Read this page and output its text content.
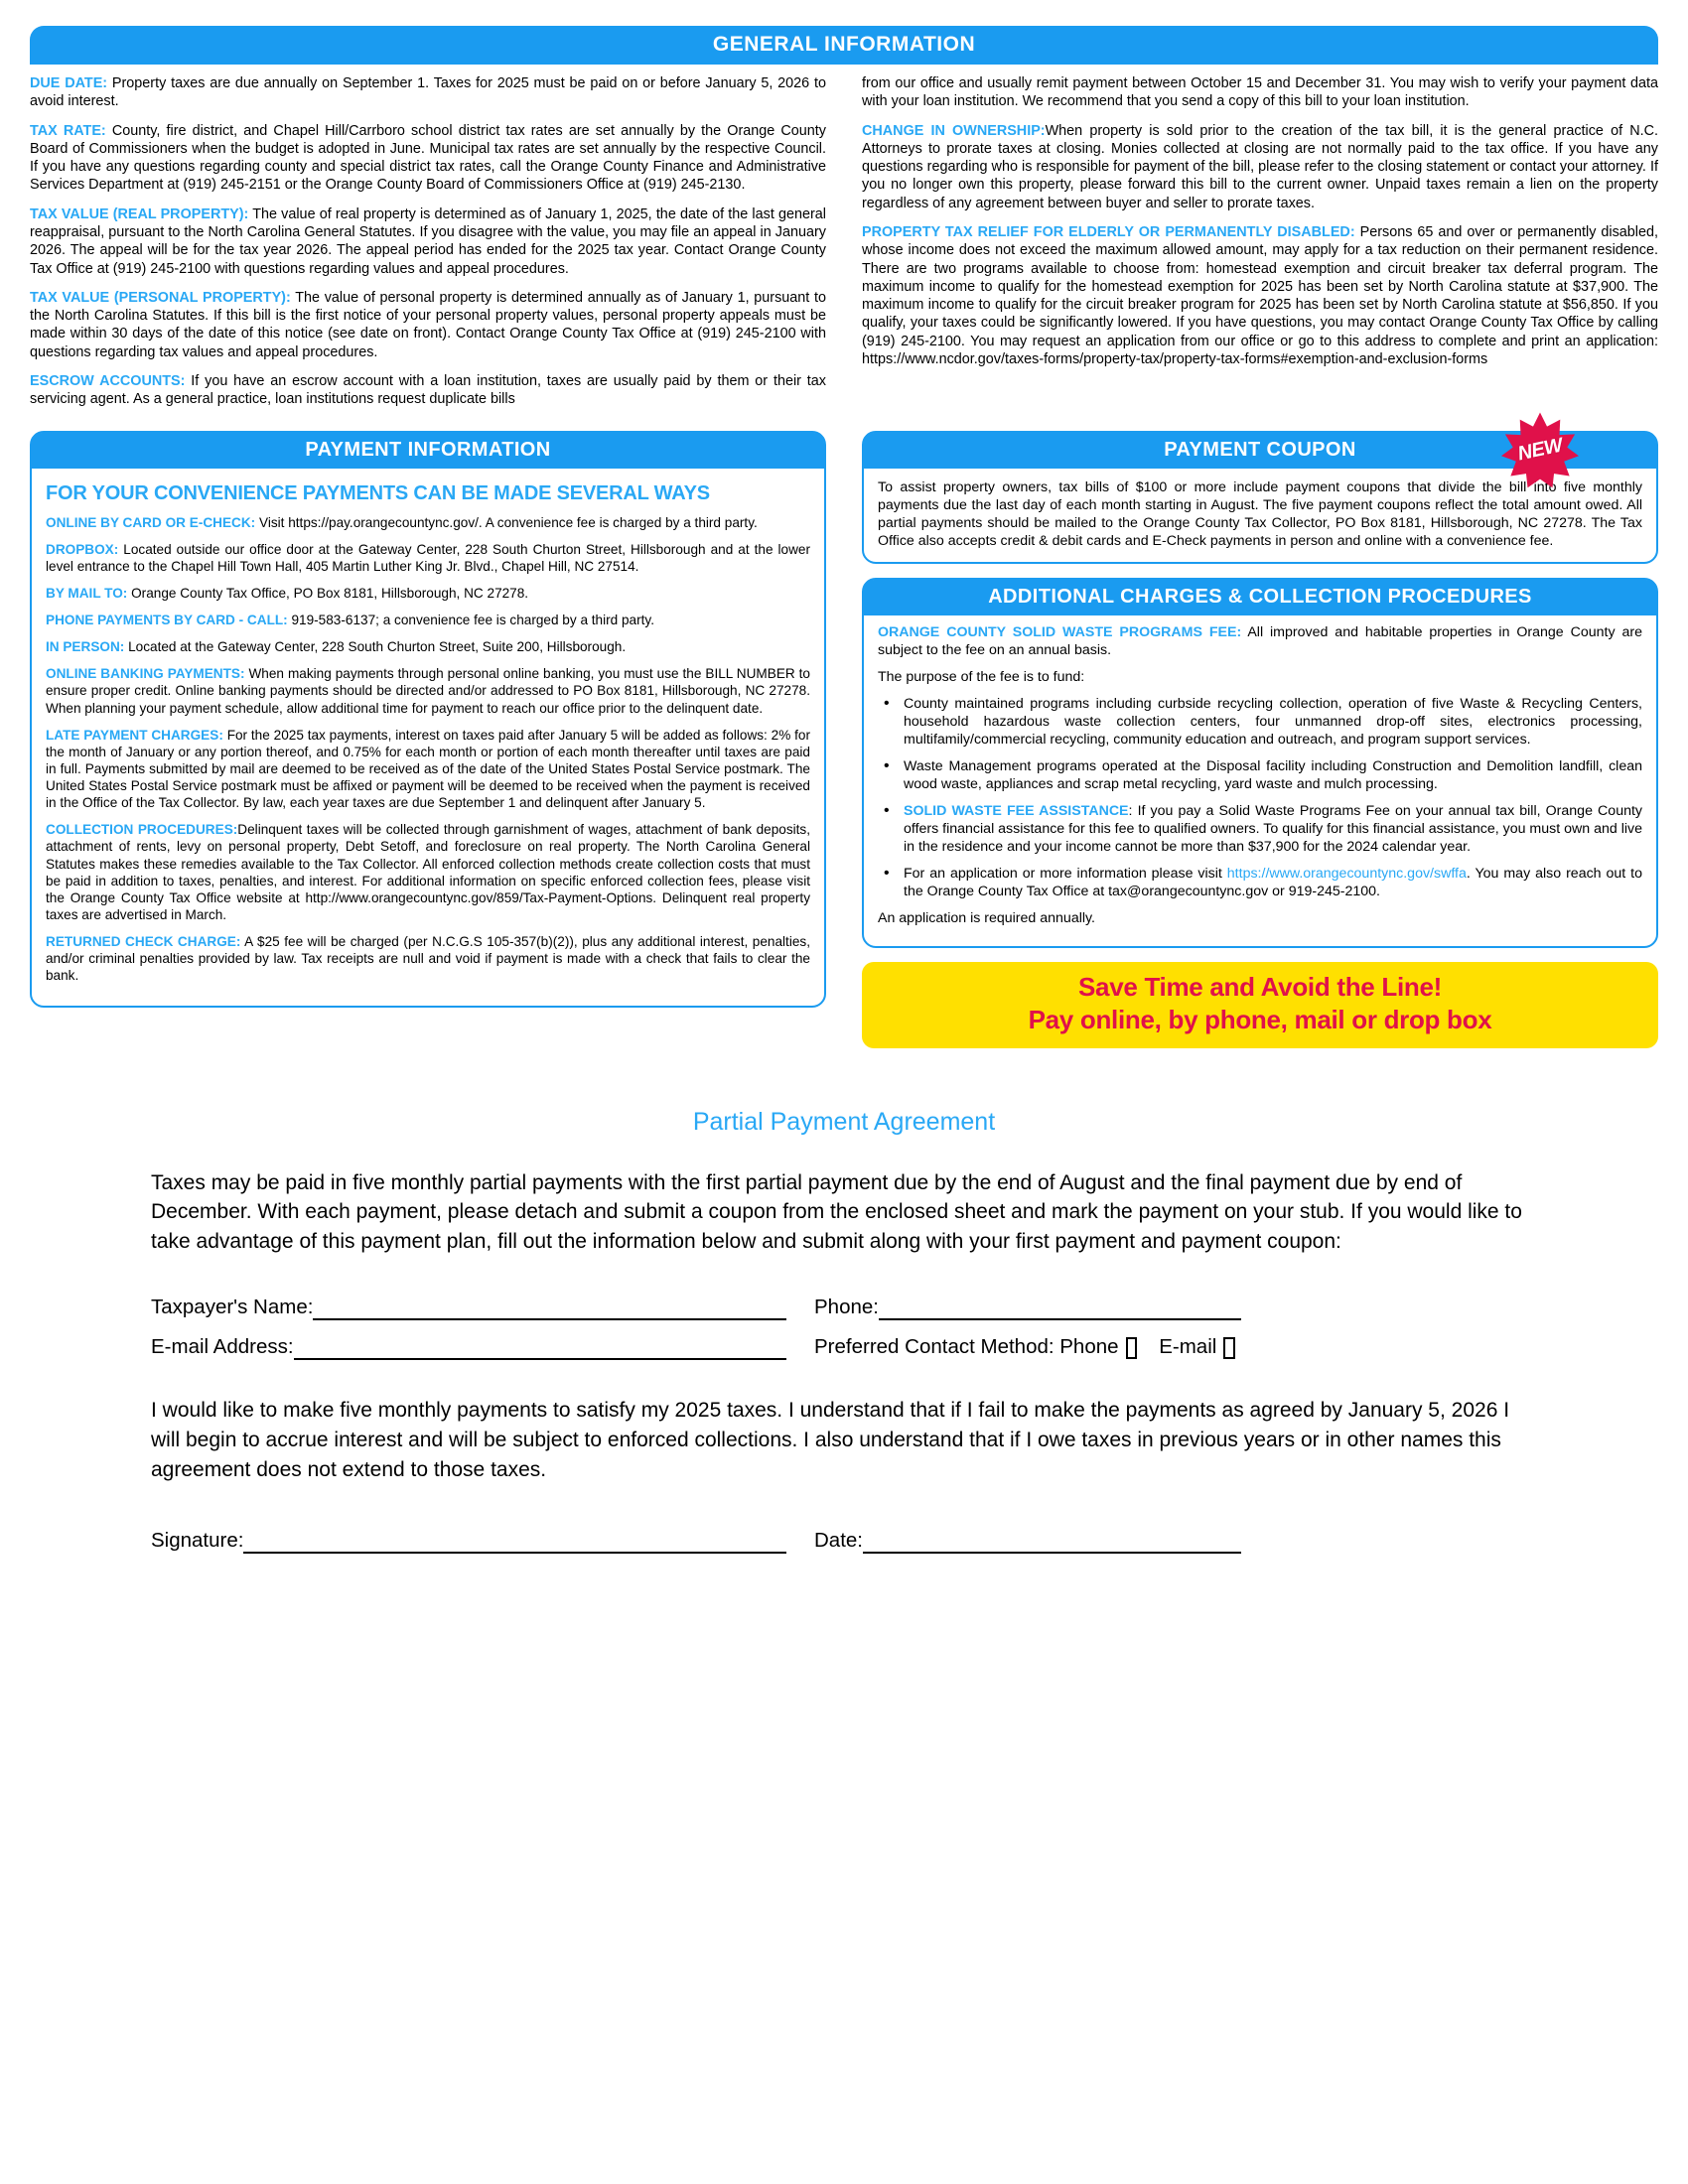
GENERAL INFORMATION

DUE DATE: Property taxes are due annually on September 1. Taxes for 2025 must be paid on or before January 5, 2026 to avoid interest.

TAX RATE: County, fire district, and Chapel Hill/Carrboro school district tax rates are set annually by the Orange County Board of Commissioners when the budget is adopted in June. Municipal tax rates are set annually by the respective Council. If you have any questions regarding county and special district tax rates, call the Orange County Finance and Administrative Services Department at (919) 245-2151 or the Orange County Board of Commissioners Office at (919) 245-2130.

TAX VALUE (REAL PROPERTY): The value of real property is determined as of January 1, 2025, the date of the last general reappraisal, pursuant to the North Carolina General Statutes. If you disagree with the value, you may file an appeal in January 2026. The appeal will be for the tax year 2026. The appeal period has ended for the 2025 tax year. Contact Orange County Tax Office at (919) 245-2100 with questions regarding values and appeal procedures.

TAX VALUE (PERSONAL PROPERTY): The value of personal property is determined annually as of January 1, pursuant to the North Carolina Statutes. If this bill is the first notice of your personal property values, personal property appeals must be made within 30 days of the date of this notice (see date on front). Contact Orange County Tax Office at (919) 245-2100 with questions regarding tax values and appeal procedures.

ESCROW ACCOUNTS: If you have an escrow account with a loan institution, taxes are usually paid by them or their tax servicing agent. As a general practice, loan institutions request duplicate bills

from our office and usually remit payment between October 15 and December 31. You may wish to verify your payment data with your loan institution. We recommend that you send a copy of this bill to your loan institution.

CHANGE IN OWNERSHIP:When property is sold prior to the creation of the tax bill, it is the general practice of N.C. Attorneys to prorate taxes at closing. Monies collected at closing are not normally paid to the tax office. If you have any questions regarding who is responsible for payment of the bill, please refer to the closing statement or contact your attorney. If you no longer own this property, please forward this bill to the current owner. Unpaid taxes remain a lien on the property regardless of any agreement between buyer and seller to prorate taxes.

PROPERTY TAX RELIEF FOR ELDERLY OR PERMANENTLY DISABLED: Persons 65 and over or permanently disabled, whose income does not exceed the maximum allowed amount, may apply for a tax reduction on their permanent residence. There are two programs available to choose from: homestead exemption and circuit breaker tax deferral program. The maximum income to qualify for the homestead exemption for 2025 has been set by North Carolina statute at $37,900. The maximum income to qualify for the circuit breaker program for 2025 has been set by North Carolina statute at $56,850. If you qualify, your taxes could be significantly lowered. If you have questions, you may contact Orange County Tax Office by calling (919) 245-2100. You may request an application from our office or go to this address to complete and print an application: https://www.ncdor.gov/taxes-forms/property-tax/property-tax-forms#exemption-and-exclusion-forms

PAYMENT INFORMATION
FOR YOUR CONVENIENCE PAYMENTS CAN BE MADE SEVERAL WAYS

ONLINE BY CARD OR E-CHECK: Visit https://pay.orangecountync.gov/. A convenience fee is charged by a third party.

DROPBOX: Located outside our office door at the Gateway Center, 228 South Churton Street, Hillsborough and at the lower level entrance to the Chapel Hill Town Hall, 405 Martin Luther King Jr. Blvd., Chapel Hill, NC 27514.

BY MAIL TO: Orange County Tax Office, PO Box 8181, Hillsborough, NC 27278.

PHONE PAYMENTS BY CARD - CALL: 919-583-6137; a convenience fee is charged by a third party.

IN PERSON: Located at the Gateway Center, 228 South Churton Street, Suite 200, Hillsborough.

ONLINE BANKING PAYMENTS: When making payments through personal online banking, you must use the BILL NUMBER to ensure proper credit. Online banking payments should be directed and/or addressed to PO Box 8181, Hillsborough, NC 27278. When planning your payment schedule, allow additional time for payment to reach our office prior to the delinquent date.

LATE PAYMENT CHARGES: For the 2025 tax payments, interest on taxes paid after January 5 will be added as follows: 2% for the month of January or any portion thereof, and 0.75% for each month or portion of each month thereafter until taxes are paid in full. Payments submitted by mail are deemed to be received as of the date of the United States Postal Service postmark. The United States Postal Service postmark must be affixed or payment will be deemed to be received when the payment is received in the Office of the Tax Collector. By law, each year taxes are due September 1 and delinquent after January 5.

COLLECTION PROCEDURES:Delinquent taxes will be collected through garnishment of wages, attachment of bank deposits, attachment of rents, levy on personal property, Debt Setoff, and foreclosure on real property. The North Carolina General Statutes makes these remedies available to the Tax Collector. All enforced collection methods create collection costs that must be paid in addition to taxes, penalties, and interest. For additional information on specific enforced collection fees, please visit the Orange County Tax Office website at http://www.orangecountync.gov/859/Tax-Payment-Options. Delinquent real property taxes are advertised in March.

RETURNED CHECK CHARGE: A $25 fee will be charged (per N.C.G.S 105-357(b)(2)), plus any additional interest, penalties, and/or criminal penalties provided by law. Tax receipts are null and void if payment is made with a check that fails to clear the bank.

PAYMENT COUPON	NEW

To assist property owners, tax bills of $100 or more include payment coupons that divide the bill into five monthly payments due the last day of each month starting in August. The five payment coupons reflect the total amount owed. All partial payments should be mailed to the Orange County Tax Collector, PO Box 8181, Hillsborough, NC 27278. The Tax Office also accepts credit & debit cards and E-Check payments in person and online with a convenience fee.

ADDITIONAL CHARGES & COLLECTION PROCEDURES

ORANGE COUNTY SOLID WASTE PROGRAMS FEE: All improved and habitable properties in Orange County are subject to the fee on an annual basis.

The purpose of the fee is to fund:

• County maintained programs including curbside recycling collection, operation of five Waste & Recycling Centers, household hazardous waste collection centers, four unmanned drop-off sites, electronics processing, multifamily/commercial recycling, community education and outreach, and program support services.
• Waste Management programs operated at the Disposal facility including Construction and Demolition landfill, clean wood waste, appliances and scrap metal recycling, yard waste and mulch processing.
• SOLID WASTE FEE ASSISTANCE: If you pay a Solid Waste Programs Fee on your annual tax bill, Orange County offers financial assistance for this fee to qualified owners. To qualify for this financial assistance, you must own and live in the residence and your income cannot be more than $37,900 for the 2024 calendar year.
• For an application or more information please visit https://www.orangecountync.gov/swffa. You may also reach out to the Orange County Tax Office at tax@orangecountync.gov or 919-245-2100.

An application is required annually.

Save Time and Avoid the Line!
Pay online, by phone, mail or drop box
Partial Payment Agreement
Taxes may be paid in five monthly partial payments with the first partial payment due by the end of August and the final payment due by end of December. With each payment, please detach and submit a coupon from the enclosed sheet and mark the payment on your stub. If you would like to take advantage of this payment plan, fill out the information below and submit along with your first payment and payment coupon:
Taxpayer's Name:	Phone:
E-mail Address:	Preferred Contact Method: Phone E-mail
I would like to make five monthly payments to satisfy my 2025 taxes. I understand that if I fail to make the payments as agreed by January 5, 2026 I will begin to accrue interest and will be subject to enforced collections. I also understand that if I owe taxes in previous years or in other names this agreement does not extend to those taxes.
Signature:	Date:
